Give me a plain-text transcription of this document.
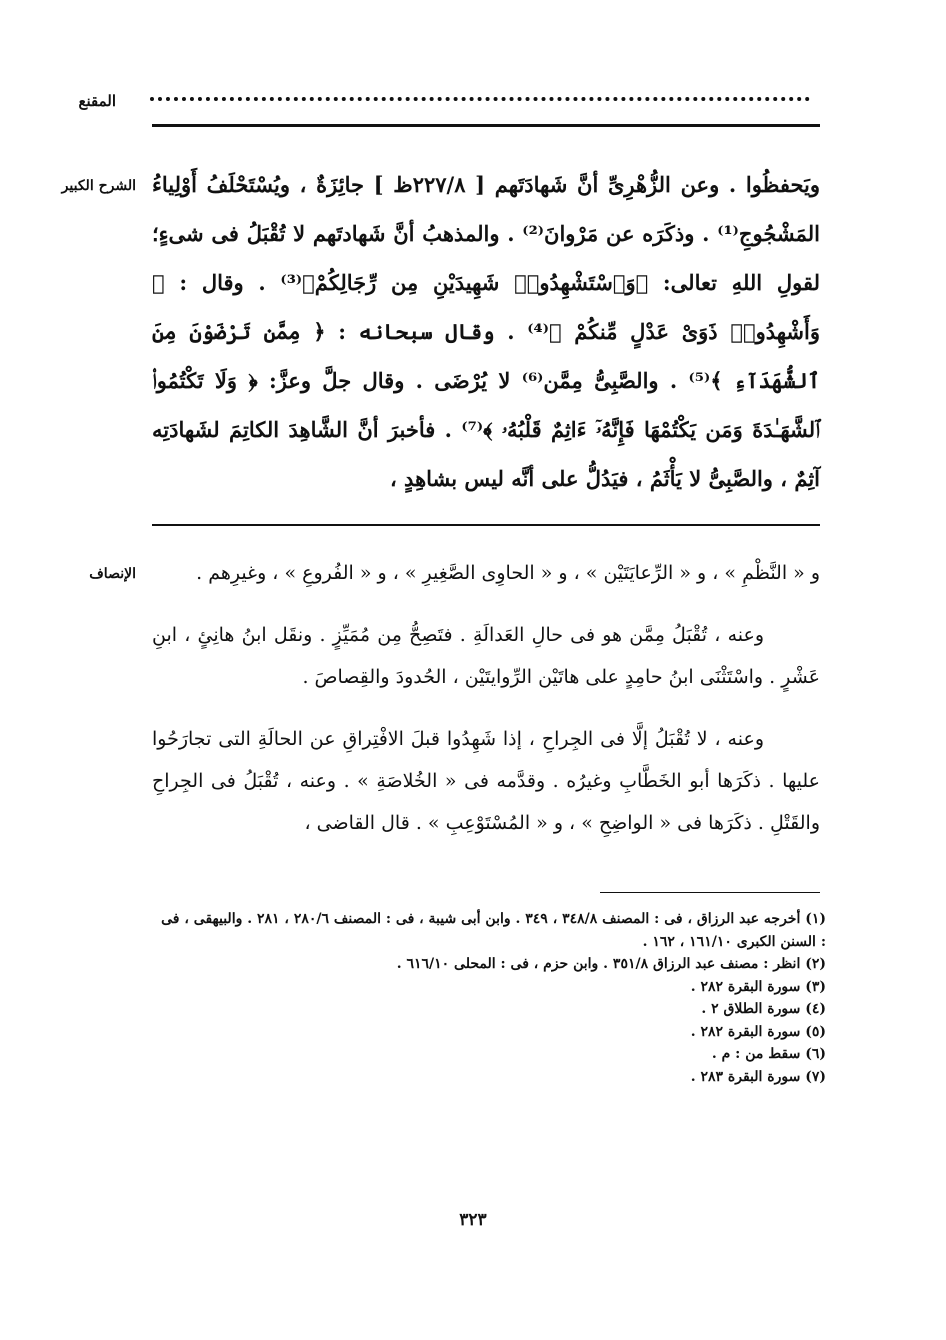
المقنع
الشرح الكبير ويَحفظُوا . وعن الزُّهْرِىِّ أنَّ شَهادَتَهم [ ٢٢٧/٨ظ ] جائِزَةٌ ، ويُسْتَحْلَفُ أَوْلِياءُ المَشْجُوجِ⁽¹⁾ . وذكَرَه عن مَرْوانَ⁽²⁾ . والمذهبُ أنَّ شَهادتَهم لا تُقْبَلُ فى شىءٍ؛ لقولِ اللهِ تعالى: ﴿وَٱسْتَشْهِدُوا۟ شَهِيدَيْنِ مِن رِّجَالِكُمْ﴾⁽³⁾ . وقال : ﴿ وَأَشْهِدُوا۟ ذَوَىْ عَدْلٍ مِّنكُمْ ﴾⁽⁴⁾ . وقال سبحانه : ﴿ مِمَّن تَرْضَوْنَ مِنَ ٱلشُّهَدَآءِ ﴾⁽⁵⁾ . والصَّبِىُّ مِمَّن⁽⁶⁾ لا يُرْضَى . وقال جلَّ وعزَّ: ﴿ وَلَا تَكْتُمُوا۟ ٱلشَّهَـٰدَةَ وَمَن يَكْتُمْهَا فَإِنَّهُۥٓ ءَاثِمٌ قَلْبُهُۥ ﴾⁽⁷⁾ . فأخبرَ أنَّ الشَّاهِدَ الكاتِمَ لشَهادَتِه آثِمٌ ، والصَّبِىُّ لا يَأْثَمُ ، فيَدُلُّ على أنَّه ليس بشاهِدٍ ،

الإنصاف	و « النَّظْمِ » ، و « الرِّعايَتَيْن » ، و « الحاوِى الصَّغِيرِ » ، و « الفُروعِ » ، وغيرِهم .

وعنه ، تُقْبَلُ مِمَّن هو فى حالِ العَدالَةِ . فتَصِحُّ مِن مُمَيِّزٍ . ونقَل ابنُ هانِئٍ ، ابنِ عَشْرٍ . واسْتَثْنَى ابنُ حامِدٍ على هاتَيْن الرِّوايتَيْن ، الحُدودَ والقِصاصَ .

وعنه ، لا تُقْبَلُ إلَّا فى الجِراحِ ، إذا شَهِدُوا قبلَ الافْتِراقِ عن الحالَةِ التى تجارَحُوا عليها . ذكَرَها أبو الخَطَّابِ وغيرُه . وقدَّمه فى « الخُلاصَةِ » . وعنه ، تُقْبَلُ فى الجِراحِ والقَتْلِ . ذكَرَها فى « الواضِحِ » ، و « المُسْتَوْعِبِ » . قال القاضى ،

(١) أخرجه عبد الرزاق ، فى : المصنف ٣٤٨/٨ ، ٣٤٩ . وابن أبى شيبة ، فى : المصنف ٢٨٠/٦ ، ٢٨١ . والبيهقى ، فى : السنن الكبرى ١٦١/١٠ ، ١٦٢ .

(٢) انظر : مصنف عبد الرزاق ٣٥١/٨ . وابن حزم ، فى : المحلى ٦١٦/١٠ .

(٣) سورة البقرة ٢٨٢ .

(٤) سورة الطلاق ٢ .

(٥) سورة البقرة ٢٨٢ .

(٦) سقط من : م .

(٧) سورة البقرة ٢٨٣ .

٣٢٣
